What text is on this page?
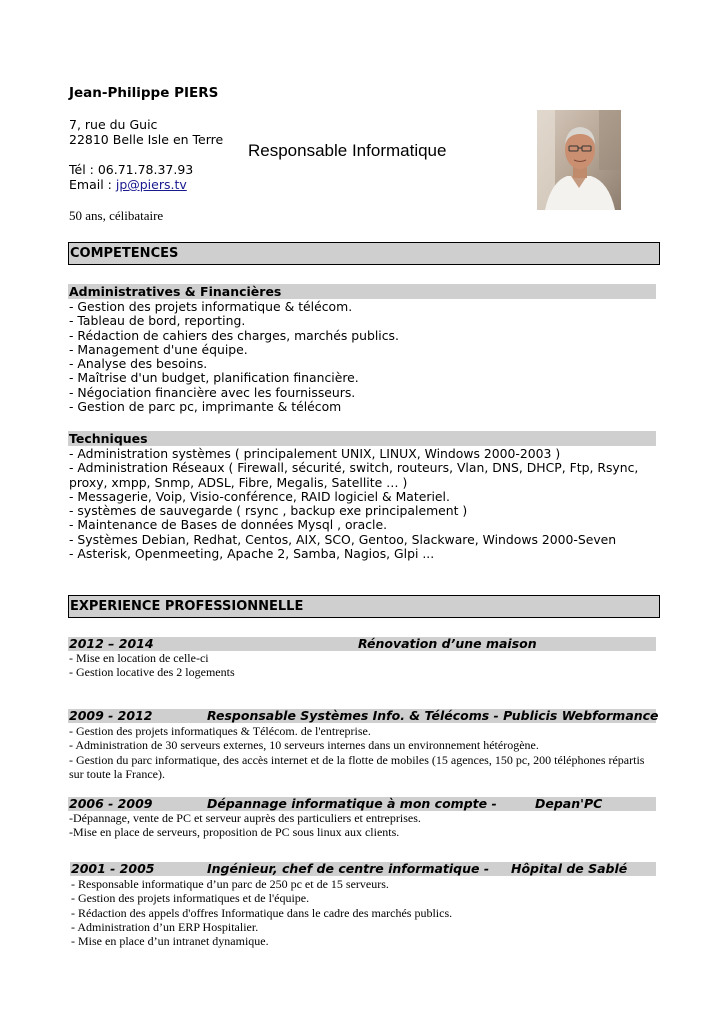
Jean-Philippe PIERS
7, rue du Guic
22810 Belle Isle en Terre
Tél : 06.71.78.37.93
Email : jp@piers.tv
50 ans, célibataire
Responsable Informatique
COMPETENCES
Administratives & Financières
- Gestion des projets informatique & télécom.
- Tableau de bord, reporting.
- Rédaction de cahiers des charges, marchés publics.
- Management d'une équipe.
- Analyse des besoins.
- Maîtrise d'un budget, planification financière.
- Négociation financière avec les fournisseurs.
- Gestion de parc pc, imprimante & télécom
Techniques
- Administration systèmes ( principalement UNIX, LINUX, Windows 2000-2003 )
- Administration Réseaux ( Firewall, sécurité, switch, routeurs, Vlan, DNS, DHCP, Ftp, Rsync,
proxy, xmpp, Snmp, ADSL, Fibre, Megalis, Satellite … )
- Messagerie, Voip, Visio-conférence, RAID logiciel & Materiel.
- systèmes de sauvegarde ( rsync , backup exe principalement )
- Maintenance de Bases de données Mysql , oracle.
- Systèmes Debian, Redhat, Centos, AIX, SCO, Gentoo, Slackware, Windows 2000-Seven
- Asterisk, Openmeeting, Apache 2, Samba, Nagios, Glpi ...
EXPERIENCE PROFESSIONNELLE
2012 – 2014	Rénovation d’une maison
- Mise en location de celle-ci
- Gestion locative des 2 logements
2009 - 2012	Responsable Systèmes Info. & Télécoms - Publicis Webformance
- Gestion des projets informatiques & Télécom. de l'entreprise.
- Administration de 30 serveurs externes, 10 serveurs internes dans un environnement hétérogène.
- Gestion du parc informatique, des accès internet et de la flotte de mobiles (15 agences, 150 pc, 200 téléphones répartis sur toute la France).
2006 - 2009	Dépannage informatique à mon compte -	Depan'PC
-Dépannage, vente de PC et serveur auprès des particuliers et entreprises.
-Mise en place de serveurs, proposition de PC sous linux aux clients.
2001 - 2005	Ingénieur, chef de centre informatique - Hôpital de Sablé
- Responsable informatique d’un parc de 250 pc et de 15 serveurs.
- Gestion des projets informatiques et de l'équipe.
- Rédaction des appels d'offres Informatique dans le cadre des marchés publics.
- Administration d’un ERP Hospitalier.
- Mise en place d’un intranet dynamique.
